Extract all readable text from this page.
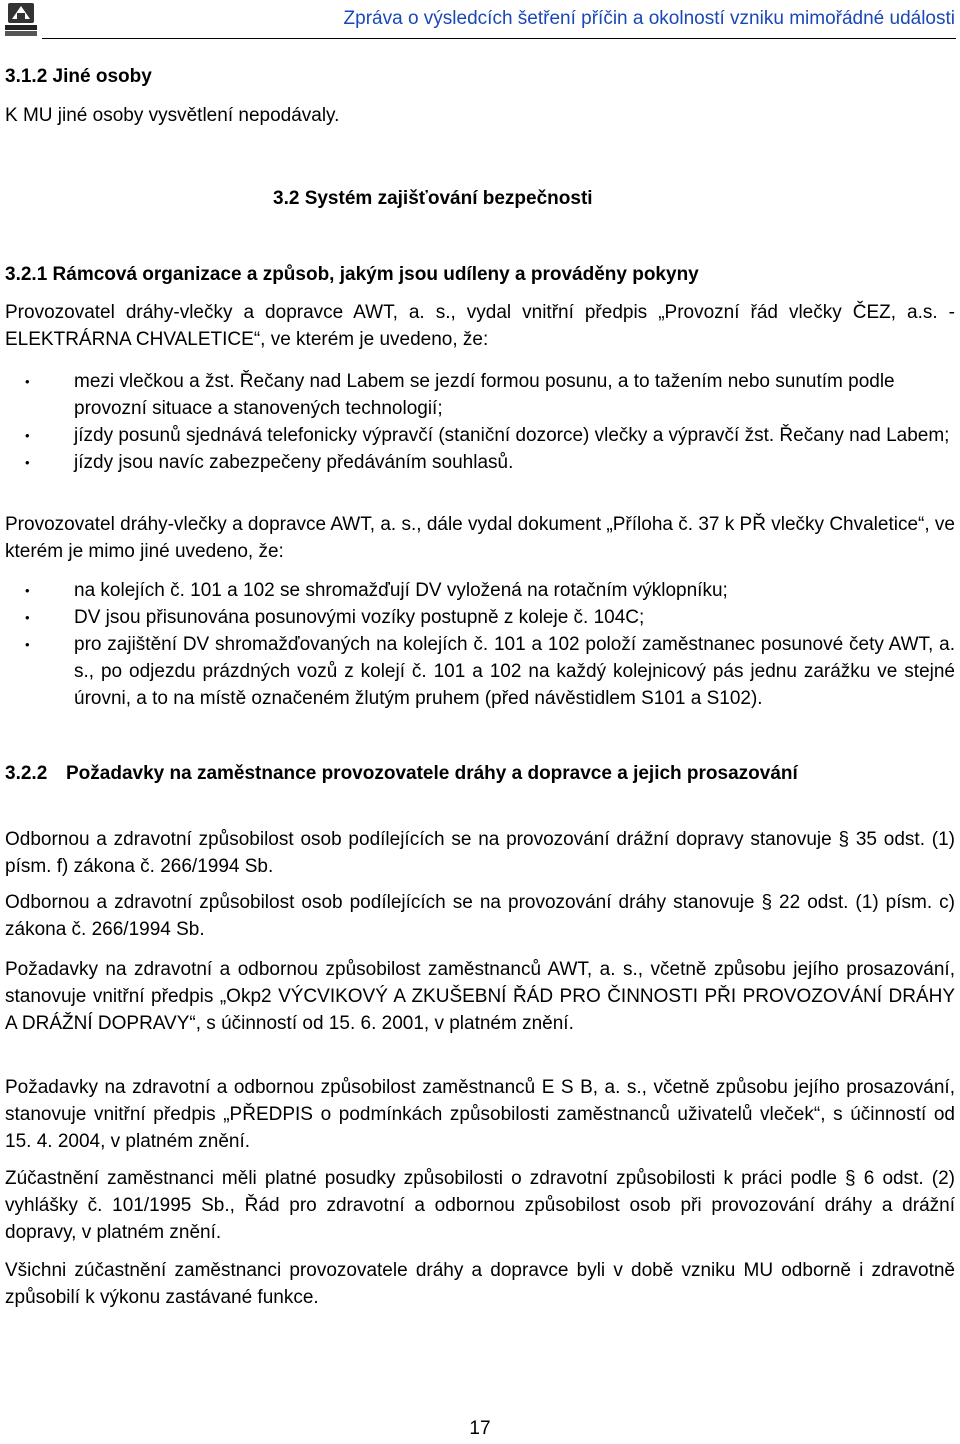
Zpráva o výsledcích šetření příčin a okolností vzniku mimořádné události
3.1.2 Jiné osoby
K MU jiné osoby vysvětlení nepodávaly.
3.2 Systém zajišťování bezpečnosti
3.2.1 Rámcová organizace a způsob, jakým jsou udíleny a prováděny pokyny
Provozovatel dráhy-vlečky a dopravce AWT, a. s., vydal vnitřní předpis „Provozní řád vlečky ČEZ, a.s. - ELEKTRÁRNA CHVALETICE“, ve kterém je uvedeno, že:
• mezi vlečkou a žst. Řečany nad Labem se jezdí formou posunu, a to tažením nebo sunutím podle provozní situace a stanovených technologií;
• jízdy posunů sjednává telefonicky výpravčí (staniční dozorce) vlečky a výpravčí žst. Řečany nad Labem;
• jízdy jsou navíc zabezpečeny předáváním souhlasů.
Provozovatel dráhy-vlečky a dopravce AWT, a. s., dále vydal dokument „Příloha č. 37 k PŘ vlečky Chvaletice“, ve kterém je mimo jiné uvedeno, že:
• na kolejích č. 101 a 102 se shromažďují DV vyložená na rotačním výklopníku;
• DV jsou přisunována posunovými vozíky postupně z koleje č. 104C;
• pro zajištění DV shromažďovaných na kolejích č. 101 a 102 položí zaměstnanec posunové čety AWT, a. s., po odjezdu prázdných vozů z kolejí č. 101 a 102 na každý kolejnicový pás jednu zarážku ve stejné úrovni, a to na místě označeném žlutým pruhem (před návěstidlem S101 a S102).
3.2.2 Požadavky na zaměstnance provozovatele dráhy a dopravce a jejich prosazování
Odbornou a zdravotní způsobilost osob podílejících se na provozování drážní dopravy stanovuje § 35 odst. (1) písm. f) zákona č. 266/1994 Sb.
Odbornou a zdravotní způsobilost osob podílejících se na provozování dráhy stanovuje § 22 odst. (1) písm. c) zákona č. 266/1994 Sb.
Požadavky na zdravotní a odbornou způsobilost zaměstnanců AWT, a. s., včetně způsobu jejího prosazování, stanovuje vnitřní předpis „Okp2 VÝCVIKOVÝ A ZKUŠEBNÍ ŘÁD PRO ČINNOSTI PŘI PROVOZOVÁNÍ DRÁHY A DRÁŽNÍ DOPRAVY“, s účinností od 15. 6. 2001, v platném znění.
Požadavky na zdravotní a odbornou způsobilost zaměstnanců E S B, a. s., včetně způsobu jejího prosazování, stanovuje vnitřní předpis „PŘEDPIS o podmínkách způsobilosti zaměstnanců uživatelů vleček“, s účinností od 15. 4. 2004, v platném znění.
Zúčastnění zaměstnanci měli platné posudky způsobilosti o zdravotní způsobilosti k práci podle § 6 odst. (2) vyhlášky č. 101/1995 Sb., Řád pro zdravotní a odbornou způsobilost osob při provozování dráhy a drážní dopravy, v platném znění.
Všichni zúčastnění zaměstnanci provozovatele dráhy a dopravce byli v době vzniku MU odborně i zdravotně způsobilí k výkonu zastávané funkce.
17
